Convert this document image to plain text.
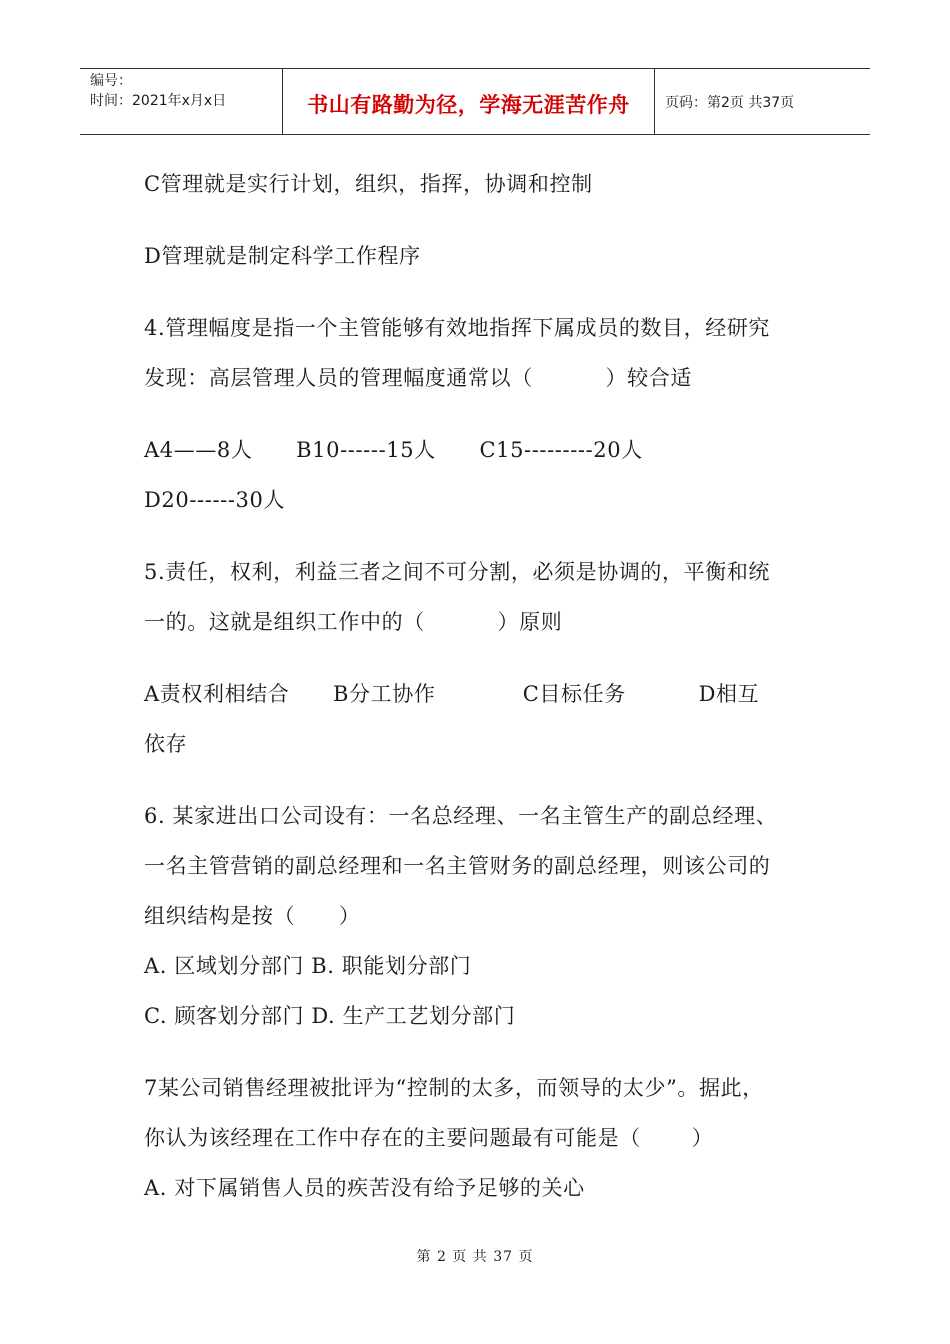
编号：
时间：2021年x月x日	书山有路勤为径，学海无涯苦作舟	页码：第2页 共37页
C管理就是实行计划，组织，指挥，协调和控制
D管理就是制定科学工作程序
4.管理幅度是指一个主管能够有效地指挥下属成员的数目，经研究
发现：高层管理人员的管理幅度通常以（          ）较合适
A4——8人      B10------15人      C15---------20人
D20------30人
5.责任，权利，利益三者之间不可分割，必须是协调的，平衡和统
一的。这就是组织工作中的（          ）原则
A责权利相结合      B分工协作            C目标任务          D相互
依存
6. 某家进出口公司设有：一名总经理、一名主管生产的副总经理、
一名主管营销的副总经理和一名主管财务的副总经理，则该公司的
组织结构是按（      ）
A. 区域划分部门 B. 职能划分部门
C. 顾客划分部门 D. 生产工艺划分部门
7某公司销售经理被批评为“控制的太多，而领导的太少”。据此，
你认为该经理在工作中存在的主要问题最有可能是（       ）
A. 对下属销售人员的疾苦没有给予足够的关心
第 2 页 共 37 页
